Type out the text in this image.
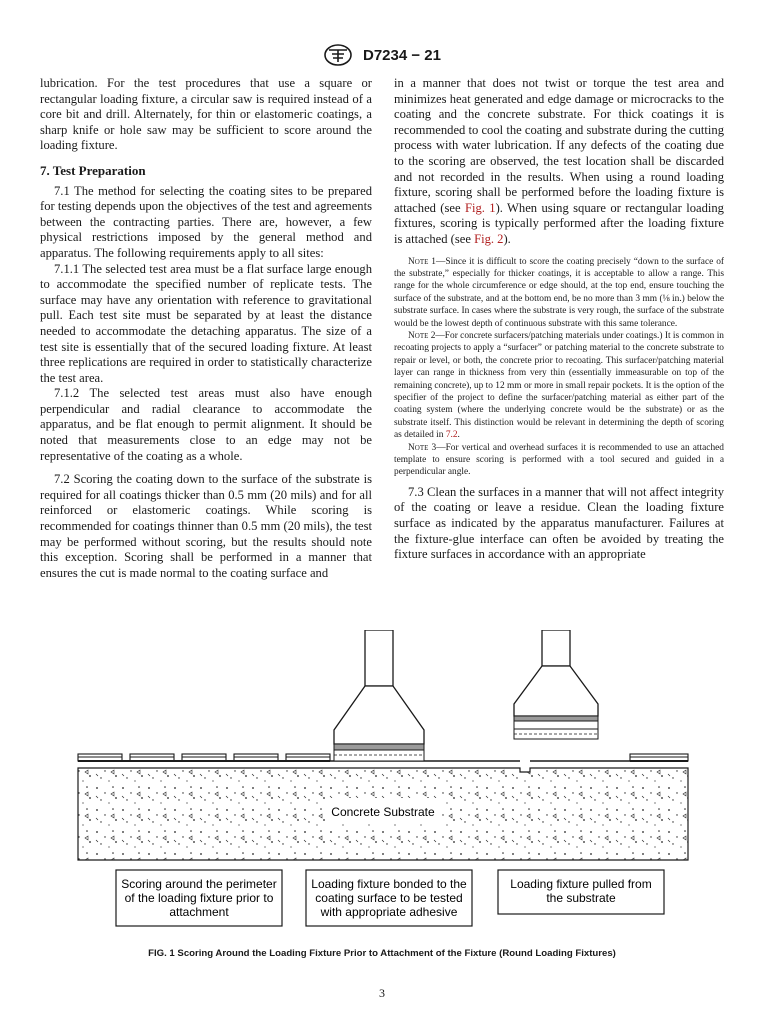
D7234 − 21

lubrication. For the test procedures that use a square or rectangular loading fixture, a circular saw is required instead of a core bit and drill. Alternately, for thin or elastomeric coatings, a sharp knife or hole saw may be sufficient to score around the loading fixture.

7. Test Preparation

7.1 The method for selecting the coating sites to be prepared for testing depends upon the objectives of the test and agreements between the contracting parties. There are, however, a few physical restrictions imposed by the general method and apparatus. The following requirements apply to all sites:

7.1.1 The selected test area must be a flat surface large enough to accommodate the specified number of replicate tests. The surface may have any orientation with reference to gravitational pull. Each test site must be separated by at least the distance needed to accommodate the detaching apparatus. The size of a test site is essentially that of the secured loading fixture. At least three replications are required in order to statistically characterize the test area.

7.1.2 The selected test areas must also have enough perpendicular and radial clearance to accommodate the apparatus, and be flat enough to permit alignment. It should be noted that measurements close to an edge may not be representative of the coating as a whole.

7.2 Scoring the coating down to the surface of the substrate is required for all coatings thicker than 0.5 mm (20 mils) and for all reinforced or elastomeric coatings. While scoring is recommended for coatings thinner than 0.5 mm (20 mils), the test may be performed without scoring, but the results should note this exception. Scoring shall be performed in a manner that ensures the cut is made normal to the coating surface and

in a manner that does not twist or torque the test area and minimizes heat generated and edge damage or microcracks to the coating and the concrete substrate. For thick coatings it is recommended to cool the coating and substrate during the cutting process with water lubrication. If any defects of the coating due to the scoring are observed, the test location shall be discarded and not recorded in the results. When using a round loading fixture, scoring shall be performed before the loading fixture is attached (see Fig. 1). When using square or rectangular loading fixtures, scoring is typically performed after the loading fixture is attached (see Fig. 2).

Note 1—Since it is difficult to score the coating precisely “down to the surface of the substrate,” especially for thicker coatings, it is acceptable to allow a range. This range for the whole circumference or edge should, at the top end, ensure touching the surface of the substrate, and at the bottom end, be no more than 3 mm (⅛ in.) below the substrate surface. In cases where the substrate is very rough, the surface of the substrate would be the lowest depth of continuous substrate with this same tolerance.

Note 2—For concrete surfacers/patching materials under coatings.) It is common in recoating projects to apply a “surfacer” or patching material to the concrete substrate to repair or level, or both, the concrete prior to recoating. This surfacer/patching material layer can range in thickness from very thin (essentially immeasurable on top of the remaining concrete), up to 12 mm or more in small repair pockets. It is the option of the specifier of the project to define the surfacer/patching material as either part of the coating system (where the underlying concrete would be the substrate) or as the substrate itself. This distinction would be relevant in determining the depth of scoring as detailed in 7.2.

Note 3—For vertical and overhead surfaces it is recommended to use an attached template to ensure scoring is performed with a tool secured and guided in a perpendicular angle.

7.3 Clean the surfaces in a manner that will not affect integrity of the coating or leave a residue. Clean the loading fixture surface as indicated by the apparatus manufacturer. Failures at the fixture-glue interface can often be avoided by treating the fixture surfaces in accordance with an appropriate

Concrete Substrate
Scoring around the perimeter
of the loading fixture prior to
attachment
Loading fixture bonded to the
coating surface to be tested
with appropriate adhesive
Loading fixture pulled from
the substrate
FIG. 1 Scoring Around the Loading Fixture Prior to Attachment of the Fixture (Round Loading Fixtures)
3
